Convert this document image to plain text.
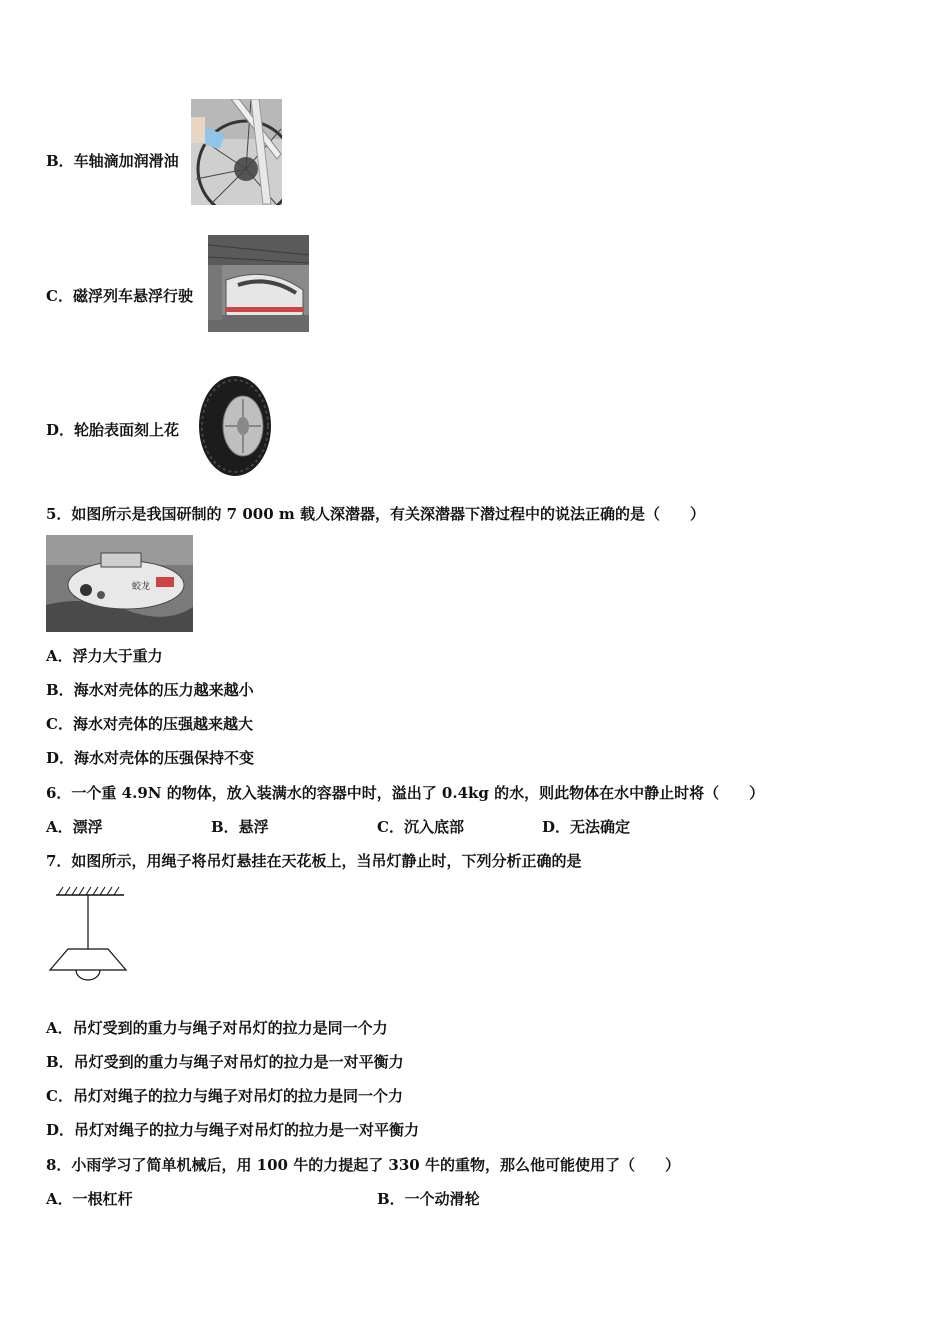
B．车轴滴加润滑油
C．磁浮列车悬浮行驶
D．轮胎表面刻上花
5．如图所示是我国研制的 7 000 m 载人深潜器，有关深潜器下潜过程中的说法正确的是（　　）
蛟龙
A．浮力大于重力
B．海水对壳体的压力越来越小
C．海水对壳体的压强越来越大
D．海水对壳体的压强保持不变
6．一个重 4.9N 的物体，放入装满水的容器中时，溢出了 0.4kg 的水，则此物体在水中静止时将（　　）
A．漂浮	B．悬浮	C．沉入底部	D．无法确定
7．如图所示，用绳子将吊灯悬挂在天花板上，当吊灯静止时，下列分析正确的是
A．吊灯受到的重力与绳子对吊灯的拉力是同一个力
B．吊灯受到的重力与绳子对吊灯的拉力是一对平衡力
C．吊灯对绳子的拉力与绳子对吊灯的拉力是同一个力
D．吊灯对绳子的拉力与绳子对吊灯的拉力是一对平衡力
8．小雨学习了简单机械后，用 100 牛的力提起了 330 牛的重物，那么他可能使用了（　　）
A．一根杠杆	B．一个动滑轮
